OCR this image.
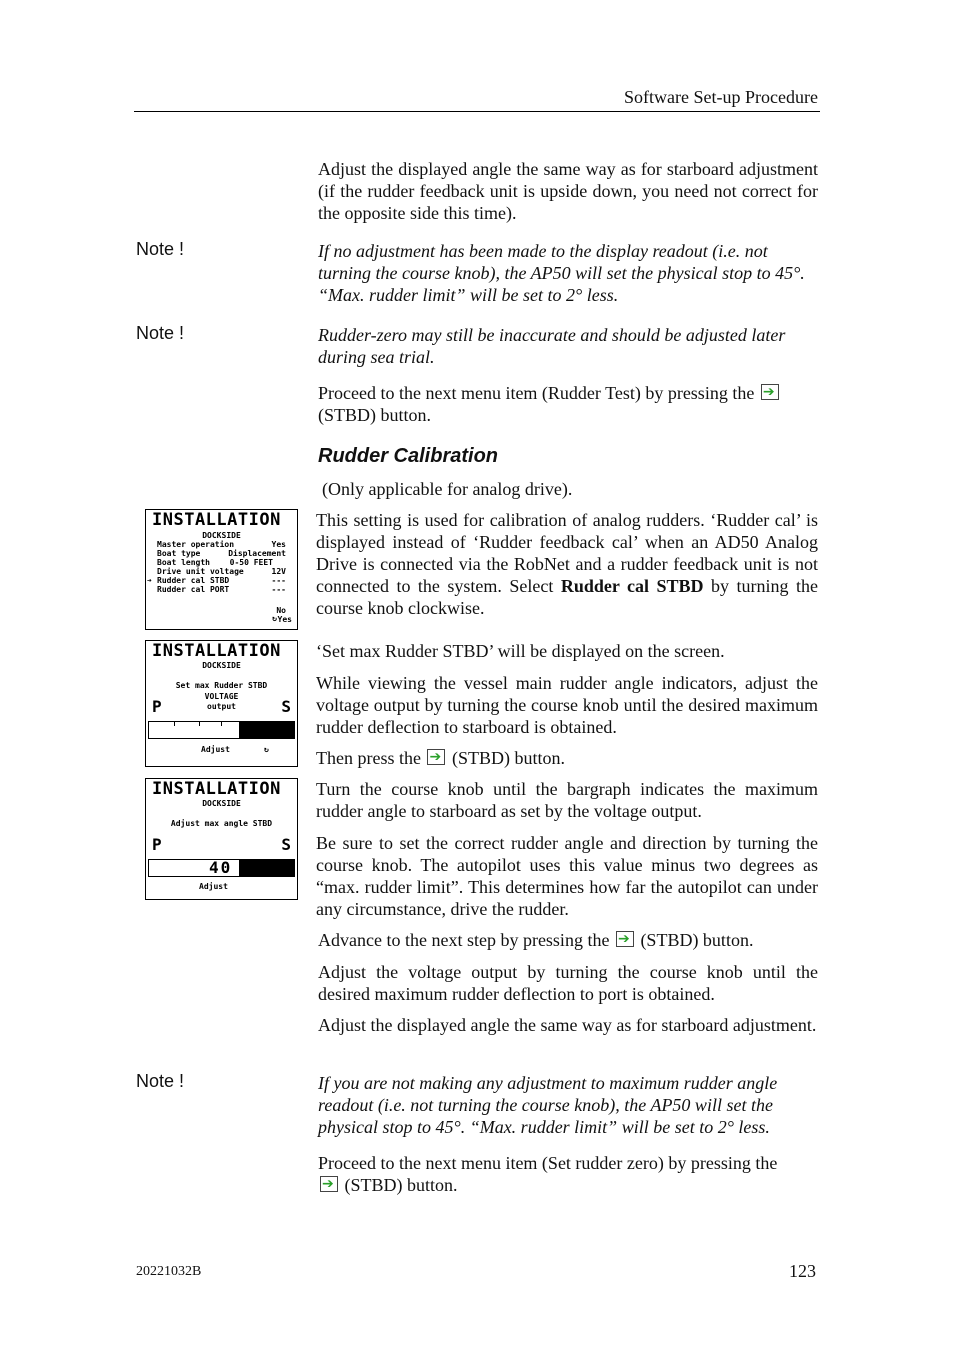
Software Set-up Procedure
Adjust the displayed angle the same way as for starboard adjustment (if the rudder feedback unit is upside down, you need not correct for the opposite side this time).
Note !	If no adjustment has been made to the display readout (i.e. not turning the course knob), the AP50 will set the physical stop to 45°. “Max. rudder limit” will be set to 2° less.
Note !	Rudder-zero may still be inaccurate and should be adjusted later during sea trial.
Proceed to the next menu item (Rudder Test) by pressing the ➔
(STBD) button.
Rudder Calibration
(Only applicable for analog drive).
This setting is used for calibration of analog rudders. ‘Rudder cal’ is displayed instead of ‘Rudder feedback cal’ when an AD50 Analog Drive is connected via the RobNet and a rudder feedback unit is not connected to the system. Select Rudder cal STBD by turning the course knob clockwise.
INSTALLATION
DOCKSIDE
Master operation	Yes
Boat type	Displacement
Boat length 0-50 FEET
Drive unit voltage	12V
➔ Rudder cal STBD	---
Rudder cal PORT	---
No
↻ Yes
‘Set max Rudder STBD’ will be displayed on the screen.
While viewing the vessel main rudder angle indicators, adjust the voltage output by turning the course knob until the desired maximum rudder deflection to starboard is obtained.
INSTALLATION
DOCKSIDE
Set max Rudder STBD
VOLTAGE
output
P	S
Adjust	↻	Then press the ➔ (STBD) button.
Turn the course knob until the bargraph indicates the maximum rudder angle to starboard as set by the voltage output.
INSTALLATION
DOCKSIDE
Adjust max angle STBD
P	S
40
Adjust
Be sure to set the correct rudder angle and direction by turning the course knob. The autopilot uses this value minus two degrees as “max. rudder limit”. This determines how far the autopilot can under any circumstance, drive the rudder.
Advance to the next step by pressing the ➔ (STBD) button.
Adjust the voltage output by turning the course knob until the desired maximum rudder deflection to port is obtained.
Adjust the displayed angle the same way as for starboard adjustment.
Note !	If you are not making any adjustment to maximum rudder angle readout (i.e. not turning the course knob), the AP50 will set the physical stop to 45°. “Max. rudder limit” will be set to 2° less.
Proceed to the next menu item (Set rudder zero) by pressing the
➔ (STBD) button.
20221032B	123
